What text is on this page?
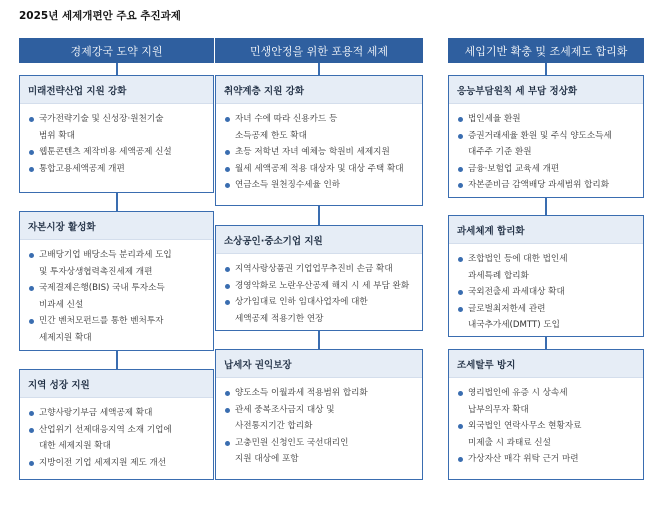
2025년 세제개편안 주요 추진과제
경제강국 도약 지원
미래전략산업 지원 강화
국가전략기술 및 신성장·원천기술
범위 확대
웹툰콘텐츠 제작비용 세액공제 신설
통합고용세액공제 개편
자본시장 활성화
고배당기업 배당소득 분리과세 도입
및 투자상생협력촉진세제 개편
국제결제은행(BIS) 국내 투자소득
비과세 신설
민간 벤처모펀드를 통한 벤처투자
세제지원 확대
지역 성장 지원
고향사랑기부금 세액공제 확대
산업위기 선제대응지역 소재 기업에
대한 세제지원 확대
지방이전 기업 세제지원 제도 개선
민생안정을 위한 포용적 세제
취약계층 지원 강화
자녀 수에 따라 신용카드 등
소득공제 한도 확대
초등 저학년 자녀 예체능 학원비 세제지원
월세 세액공제 적용 대상자 및 대상 주택 확대
연금소득 원천징수세율 인하
소상공인·중소기업 지원
지역사랑상품권 기업업무추진비 손금 확대
경영악화로 노란우산공제 해지 시 세 부담 완화
상가임대료 인하 임대사업자에 대한
세액공제 적용기한 연장
납세자 권익보장
양도소득 이월과세 적용범위 합리화
관세 중복조사금지 대상 및
사전통지기간 합리화
고충민원 신청인도 국선대리인
지원 대상에 포함
세입기반 확충 및 조세제도 합리화
응능부담원칙 세 부담 정상화
법인세율 환원
증권거래세율 환원 및 주식 양도소득세
대주주 기준 환원
금융·보험업 교육세 개편
자본준비금 감액배당 과세범위 합리화
과세체계 합리화
조합법인 등에 대한 법인세
과세특례 합리화
국외전출세 과세대상 확대
글로벌최저한세 관련
내국추가세(DMTT) 도입
조세탈루 방지
영리법인에 유증 시 상속세
납부의무자 확대
외국법인 연락사무소 현황자료
미제출 시 과태료 신설
가상자산 매각 위탁 근거 마련
